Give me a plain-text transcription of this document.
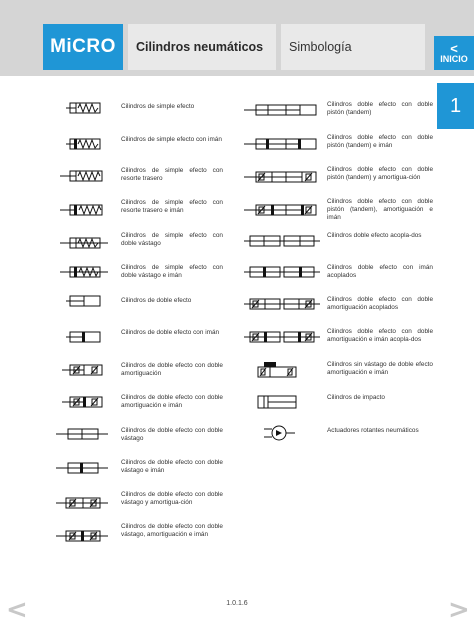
MiCRO	Cilindros neumáticos	Simbología	<
INICIO
1
Cilindros de simple efecto
Cilindros de simple efecto con imán
Cilindros de simple efecto con resorte trasero
Cilindros de simple efecto con resorte trasero e imán
Cilindros de simple efecto con doble vástago
Cilindros de simple efecto con doble vástago e imán
Cilindros de doble efecto
Cilindros de doble efecto con imán
Cilindros de doble efecto con doble amortiguación
Cilindros de doble efecto con doble amortiguación e imán
Cilindros de doble efecto con doble vástago
Cilindros de doble efecto con doble vástago e imán
Cilindros de doble efecto con doble vástago y amortigua-ción
Cilindros de doble efecto con doble vástago, amortiguación e imán
Cilindros doble efecto con doble pistón (tandem)
Cilindros doble efecto con doble pistón (tandem) e imán
Cilindros doble efecto con doble pistón (tandem) y amortigua-ción
Cilindros doble efecto con doble pistón (tandem), amortiguación e imán
Cilindros doble efecto acopla-dos
Cilindros doble efecto con imán acoplados
Cilindros doble efecto con doble amortiguación acoplados
Cilindros doble efecto con doble amortiguación e imán acopla-dos
Cilindros sin vástago de doble efecto amortiguación e imán
Cilindros de impacto
Actuadores rotantes neumáticos
1.0.1.6
<	>
